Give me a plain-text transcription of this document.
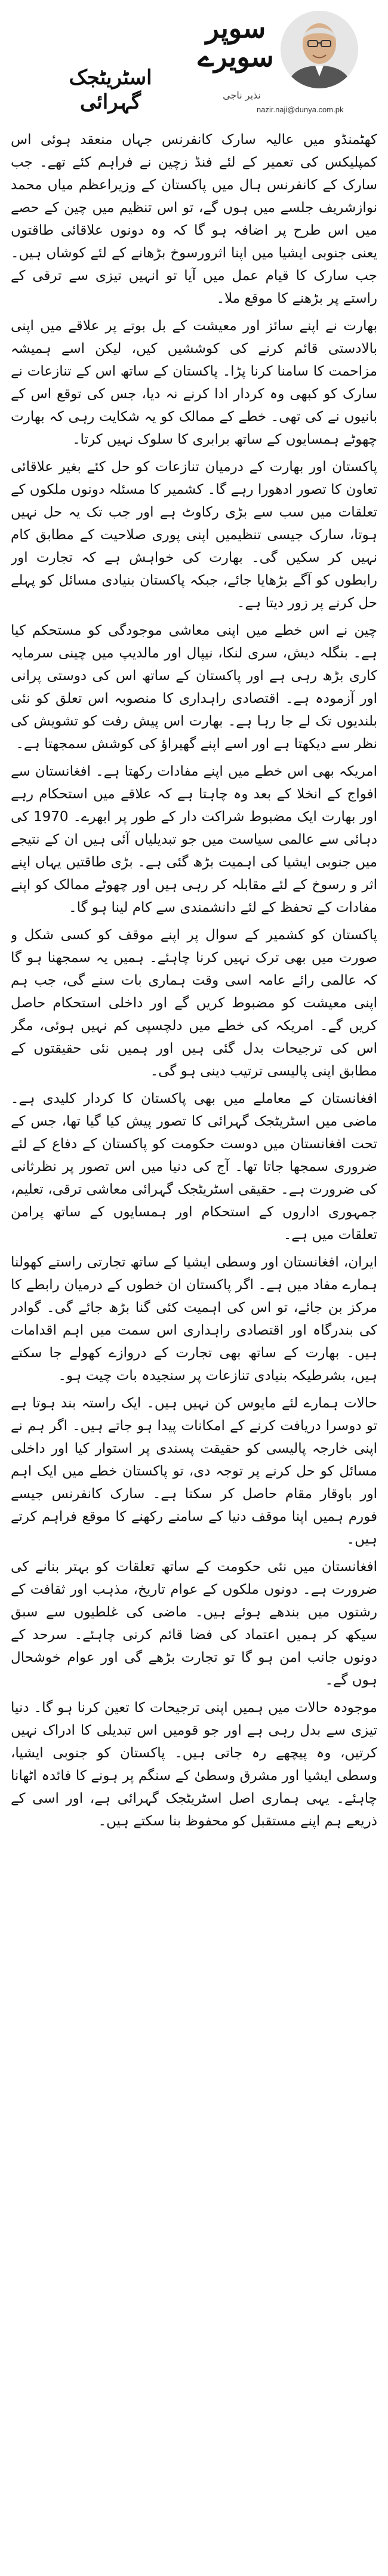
سوپر
سویرے
نذیر ناجی
nazir.naji@dunya.com.pk
اسٹریٹجک گہرائی

کھٹمنڈو میں عالیہ سارک کانفرنس جہاں منعقد ہوئی اس کمپلیکس کی تعمیر کے لئے فنڈ زچین نے فراہم کئے تھے۔ جب سارک کے کانفرنس ہال میں پاکستان کے وزیراعظم میاں محمد نوازشریف جلسے میں ہوں گے، تو اس تنظیم میں چین کے حصے میں اس طرح پر اضافہ ہو گا کہ وہ دونوں علاقائی طاقتوں یعنی جنوبی ایشیا میں اپنا اثرورسوخ بڑھانے کے لئے کوشاں ہیں۔ جب سارک کا قیام عمل میں آیا تو انہیں تیزی سے ترقی کے راستے پر بڑھنے کا موقع ملا۔

بھارت نے اپنے سائز اور معیشت کے بل بوتے پر علاقے میں اپنی بالادستی قائم کرنے کی کوششیں کیں، لیکن اسے ہمیشہ مزاحمت کا سامنا کرنا پڑا۔ پاکستان کے ساتھ اس کے تنازعات نے سارک کو کبھی وہ کردار ادا کرنے نہ دیا، جس کی توقع اس کے بانیوں نے کی تھی۔ خطے کے ممالک کو یہ شکایت رہی کہ بھارت چھوٹے ہمسایوں کے ساتھ برابری کا سلوک نہیں کرتا۔

پاکستان اور بھارت کے درمیان تنازعات کو حل کئے بغیر علاقائی تعاون کا تصور ادھورا رہے گا۔ کشمیر کا مسئلہ دونوں ملکوں کے تعلقات میں سب سے بڑی رکاوٹ ہے اور جب تک یہ حل نہیں ہوتا، سارک جیسی تنظیمیں اپنی پوری صلاحیت کے مطابق کام نہیں کر سکیں گی۔ بھارت کی خواہش ہے کہ تجارت اور رابطوں کو آگے بڑھایا جائے، جبکہ پاکستان بنیادی مسائل کو پہلے حل کرنے پر زور دیتا ہے۔

چین نے اس خطے میں اپنی معاشی موجودگی کو مستحکم کیا ہے۔ بنگلہ دیش، سری لنکا، نیپال اور مالدیپ میں چینی سرمایہ کاری بڑھ رہی ہے اور پاکستان کے ساتھ اس کی دوستی پرانی اور آزمودہ ہے۔ اقتصادی راہداری کا منصوبہ اس تعلق کو نئی بلندیوں تک لے جا رہا ہے۔ بھارت اس پیش رفت کو تشویش کی نظر سے دیکھتا ہے اور اسے اپنے گھیراؤ کی کوشش سمجھتا ہے۔

امریکہ بھی اس خطے میں اپنے مفادات رکھتا ہے۔ افغانستان سے افواج کے انخلا کے بعد وہ چاہتا ہے کہ علاقے میں استحکام رہے اور بھارت ایک مضبوط شراکت دار کے طور پر ابھرے۔ 1970 کی دہائی سے عالمی سیاست میں جو تبدیلیاں آئی ہیں ان کے نتیجے میں جنوبی ایشیا کی اہمیت بڑھ گئی ہے۔ بڑی طاقتیں یہاں اپنے اثر و رسوخ کے لئے مقابلہ کر رہی ہیں اور چھوٹے ممالک کو اپنے مفادات کے تحفظ کے لئے دانشمندی سے کام لینا ہو گا۔

پاکستان کو کشمیر کے سوال پر اپنے موقف کو کسی شکل و صورت میں بھی ترک نہیں کرنا چاہئے۔ ہمیں یہ سمجھنا ہو گا کہ عالمی رائے عامہ اسی وقت ہماری بات سنے گی، جب ہم اپنی معیشت کو مضبوط کریں گے اور داخلی استحکام حاصل کریں گے۔ امریکہ کی خطے میں دلچسپی کم نہیں ہوئی، مگر اس کی ترجیحات بدل گئی ہیں اور ہمیں نئی حقیقتوں کے مطابق اپنی پالیسی ترتیب دینی ہو گی۔

افغانستان کے معاملے میں بھی پاکستان کا کردار کلیدی ہے۔ ماضی میں اسٹریٹجک گہرائی کا تصور پیش کیا گیا تھا، جس کے تحت افغانستان میں دوست حکومت کو پاکستان کے دفاع کے لئے ضروری سمجھا جاتا تھا۔ آج کی دنیا میں اس تصور پر نظرثانی کی ضرورت ہے۔ حقیقی اسٹریٹجک گہرائی معاشی ترقی، تعلیم، جمہوری اداروں کے استحکام اور ہمسایوں کے ساتھ پرامن تعلقات میں ہے۔

ایران، افغانستان اور وسطی ایشیا کے ساتھ تجارتی راستے کھولنا ہمارے مفاد میں ہے۔ اگر پاکستان ان خطوں کے درمیان رابطے کا مرکز بن جائے، تو اس کی اہمیت کئی گنا بڑھ جائے گی۔ گوادر کی بندرگاہ اور اقتصادی راہداری اس سمت میں اہم اقدامات ہیں۔ بھارت کے ساتھ بھی تجارت کے دروازے کھولے جا سکتے ہیں، بشرطیکہ بنیادی تنازعات پر سنجیدہ بات چیت ہو۔

حالات ہمارے لئے مایوس کن نہیں ہیں۔ ایک راستہ بند ہوتا ہے تو دوسرا دریافت کرنے کے امکانات پیدا ہو جاتے ہیں۔ اگر ہم نے اپنی خارجہ پالیسی کو حقیقت پسندی پر استوار کیا اور داخلی مسائل کو حل کرنے پر توجہ دی، تو پاکستان خطے میں ایک اہم اور باوقار مقام حاصل کر سکتا ہے۔ سارک کانفرنس جیسے فورم ہمیں اپنا موقف دنیا کے سامنے رکھنے کا موقع فراہم کرتے ہیں۔

افغانستان میں نئی حکومت کے ساتھ تعلقات کو بہتر بنانے کی ضرورت ہے۔ دونوں ملکوں کے عوام تاریخ، مذہب اور ثقافت کے رشتوں میں بندھے ہوئے ہیں۔ ماضی کی غلطیوں سے سبق سیکھ کر ہمیں اعتماد کی فضا قائم کرنی چاہئے۔ سرحد کے دونوں جانب امن ہو گا تو تجارت بڑھے گی اور عوام خوشحال ہوں گے۔

موجودہ حالات میں ہمیں اپنی ترجیحات کا تعین کرنا ہو گا۔ دنیا تیزی سے بدل رہی ہے اور جو قومیں اس تبدیلی کا ادراک نہیں کرتیں، وہ پیچھے رہ جاتی ہیں۔ پاکستان کو جنوبی ایشیا، وسطی ایشیا اور مشرق وسطیٰ کے سنگم پر ہونے کا فائدہ اٹھانا چاہئے۔ یہی ہماری اصل اسٹریٹجک گہرائی ہے، اور اسی کے ذریعے ہم اپنے مستقبل کو محفوظ بنا سکتے ہیں۔
